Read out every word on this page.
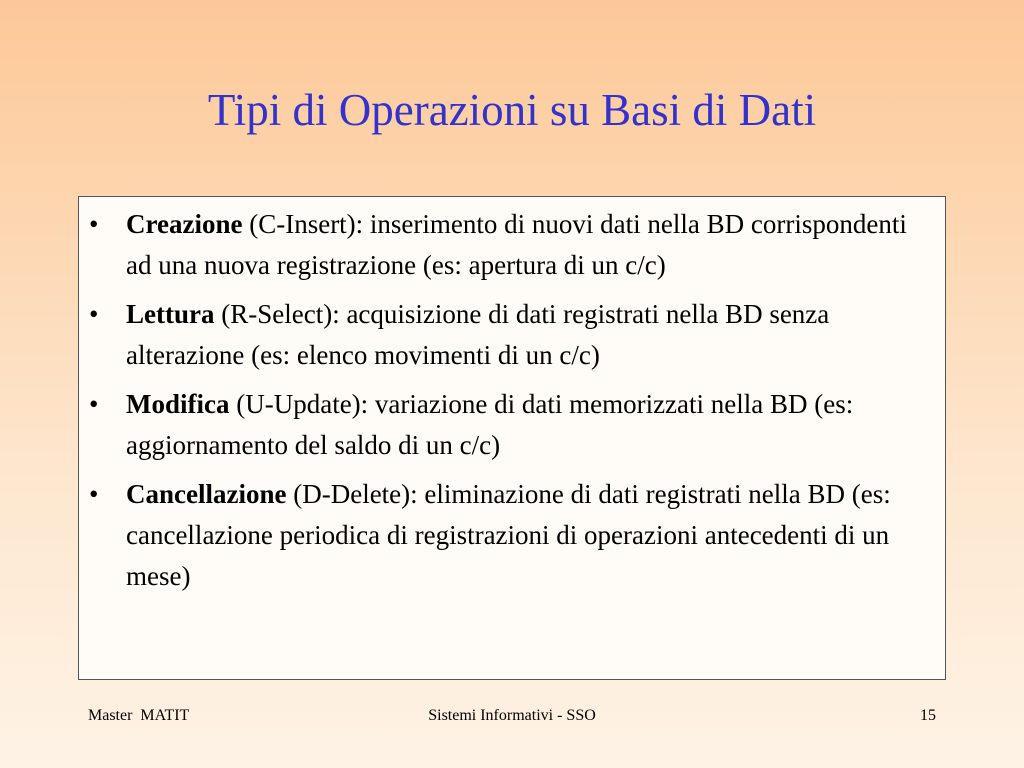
Tipi di Operazioni su Basi di Dati
• Creazione (C-Insert): inserimento di nuovi dati nella BD corrispondenti ad una nuova registrazione (es: apertura di un c/c)
• Lettura (R-Select): acquisizione di dati registrati nella BD senza alterazione (es: elenco movimenti di un c/c)
• Modifica (U-Update): variazione di dati memorizzati nella BD (es: aggiornamento del saldo di un c/c)
• Cancellazione (D-Delete): eliminazione di dati registrati nella BD (es: cancellazione periodica di registrazioni di operazioni antecedenti di un mese)
Master  MATIT	Sistemi Informativi - SSO	15
